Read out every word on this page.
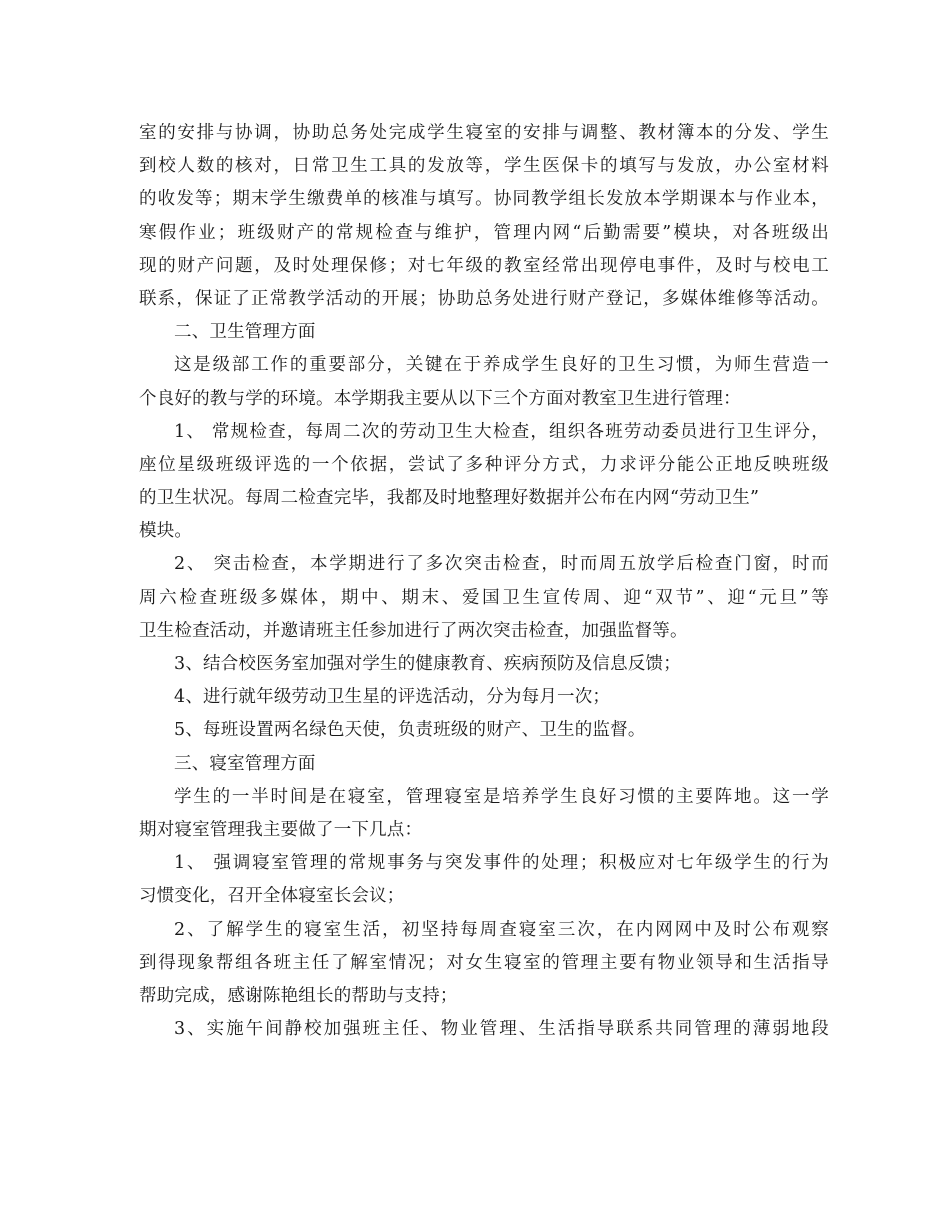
室的安排与协调，协助总务处完成学生寝室的安排与调整、教材簿本的分发、学生
到校人数的核对，日常卫生工具的发放等，学生医保卡的填写与发放，办公室材料
的收发等；期末学生缴费单的核准与填写。协同教学组长发放本学期课本与作业本，
寒假作业；班级财产的常规检查与维护，管理内网“后勤需要”模块，对各班级出
现的财产问题，及时处理保修；对七年级的教室经常出现停电事件，及时与校电工
联系，保证了正常教学活动的开展；协助总务处进行财产登记，多媒体维修等活动。
二、卫生管理方面
这是级部工作的重要部分，关键在于养成学生良好的卫生习惯，为师生营造一
个良好的教与学的环境。本学期我主要从以下三个方面对教室卫生进行管理：
1、 常规检查，每周二次的劳动卫生大检查，组织各班劳动委员进行卫生评分，
座位星级班级评选的一个依据，尝试了多种评分方式，力求评分能公正地反映班级
的卫生状况。每周二检查完毕，我都及时地整理好数据并公布在内网“劳动卫生”
模块。
2、 突击检查，本学期进行了多次突击检查，时而周五放学后检查门窗，时而
周六检查班级多媒体，期中、期末、爱国卫生宣传周、迎“双节”、迎“元旦”等
卫生检查活动，并邀请班主任参加进行了两次突击检查，加强监督等。
3、结合校医务室加强对学生的健康教育、疾病预防及信息反馈；
4、进行就年级劳动卫生星的评选活动，分为每月一次；
5、每班设置两名绿色天使，负责班级的财产、卫生的监督。
三、寝室管理方面
学生的一半时间是在寝室，管理寝室是培养学生良好习惯的主要阵地。这一学
期对寝室管理我主要做了一下几点：
1、 强调寝室管理的常规事务与突发事件的处理；积极应对七年级学生的行为
习惯变化，召开全体寝室长会议；
2、了解学生的寝室生活，初坚持每周查寝室三次，在内网网中及时公布观察
到得现象帮组各班主任了解室情况；对女生寝室的管理主要有物业领导和生活指导
帮助完成，感谢陈艳组长的帮助与支持；
3、实施午间静校加强班主任、物业管理、生活指导联系共同管理的薄弱地段
